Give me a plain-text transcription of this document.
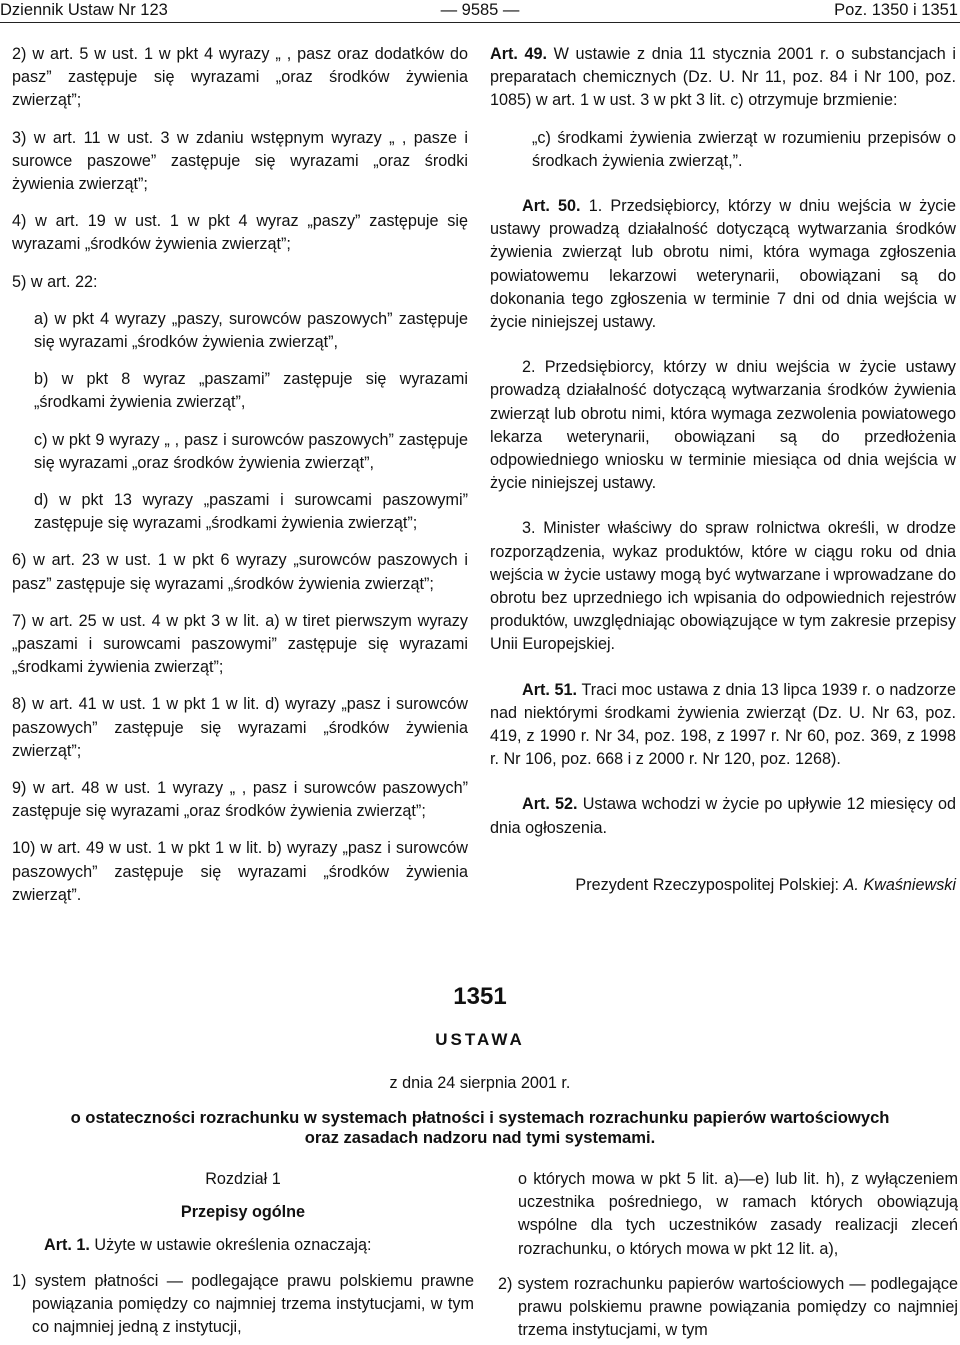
Dziennik Ustaw Nr 123	— 9585 —	Poz. 1350 i 1351

2) w art. 5 w ust. 1 w pkt 4 wyrazy „ , pasz oraz dodatków do pasz” zastępuje się wyrazami „oraz środków żywienia zwierząt”;

3) w art. 11 w ust. 3 w zdaniu wstępnym wyrazy „ , pasze i surowce paszowe” zastępuje się wyrazami „oraz środki żywienia zwierząt”;

4) w art. 19 w ust. 1 w pkt 4 wyraz „paszy” zastępuje się wyrazami „środków żywienia zwierząt”;

5) w art. 22:

a) w pkt 4 wyrazy „paszy, surowców paszowych” zastępuje się wyrazami „środków żywienia zwierząt”,

b) w pkt 8 wyraz „paszami” zastępuje się wyrazami „środkami żywienia zwierząt”,

c) w pkt 9 wyrazy „ , pasz i surowców paszowych” zastępuje się wyrazami „oraz środków żywienia zwierząt”,

d) w pkt 13 wyrazy „paszami i surowcami paszowymi” zastępuje się wyrazami „środkami żywienia zwierząt”;

6) w art. 23 w ust. 1 w pkt 6 wyrazy „surowców paszowych i pasz” zastępuje się wyrazami „środków żywienia zwierząt”;

7) w art. 25 w ust. 4 w pkt 3 w lit. a) w tiret pierwszym wyrazy „paszami i surowcami paszowymi” zastępuje się wyrazami „środkami żywienia zwierząt”;

8) w art. 41 w ust. 1 w pkt 1 w lit. d) wyrazy „pasz i surowców paszowych” zastępuje się wyrazami „środków żywienia zwierząt”;

9) w art. 48 w ust. 1 wyrazy „ , pasz i surowców paszowych” zastępuje się wyrazami „oraz środków żywienia zwierząt”;

10) w art. 49 w ust. 1 w pkt 1 w lit. b) wyrazy „pasz i surowców paszowych” zastępuje się wyrazami „środków żywienia zwierząt”.

Art. 49. W ustawie z dnia 11 stycznia 2001 r. o substancjach i preparatach chemicznych (Dz. U. Nr 11, poz. 84 i Nr 100, poz. 1085) w art. 1 w ust. 3 w pkt 3 lit. c) otrzymuje brzmienie:

„c) środkami żywienia zwierząt w rozumieniu przepisów o środkach żywienia zwierząt,”.

Art. 50. 1. Przedsiębiorcy, którzy w dniu wejścia w życie ustawy prowadzą działalność dotyczącą wytwarzania środków żywienia zwierząt lub obrotu nimi, która wymaga zgłoszenia powiatowemu lekarzowi weterynarii, obowiązani są do dokonania tego zgłoszenia w terminie 7 dni od dnia wejścia w życie niniejszej ustawy.

2. Przedsiębiorcy, którzy w dniu wejścia w życie ustawy prowadzą działalność dotyczącą wytwarzania środków żywienia zwierząt lub obrotu nimi, która wymaga zezwolenia powiatowego lekarza weterynarii, obowiązani są do przedłożenia odpowiedniego wniosku w terminie miesiąca od dnia wejścia w życie niniejszej ustawy.

3. Minister właściwy do spraw rolnictwa określi, w drodze rozporządzenia, wykaz produktów, które w ciągu roku od dnia wejścia w życie ustawy mogą być wytwarzane i wprowadzane do obrotu bez uprzedniego ich wpisania do odpowiednich rejestrów produktów, uwzględniając obowiązujące w tym zakresie przepisy Unii Europejskiej.

Art. 51. Traci moc ustawa z dnia 13 lipca 1939 r. o nadzorze nad niektórymi środkami żywienia zwierząt (Dz. U. Nr 63, poz. 419, z 1990 r. Nr 34, poz. 198, z 1997 r. Nr 60, poz. 369, z 1998 r. Nr 106, poz. 668 i z 2000 r. Nr 120, poz. 1268).

Art. 52. Ustawa wchodzi w życie po upływie 12 miesięcy od dnia ogłoszenia.

Prezydent Rzeczypospolitej Polskiej: A. Kwaśniewski

1351
USTAWA
z dnia 24 sierpnia 2001 r.
o ostateczności rozrachunku w systemach płatności i systemach rozrachunku papierów wartościowych
oraz zasadach nadzoru nad tymi systemami.

Rozdział 1

Przepisy ogólne

Art. 1. Użyte w ustawie określenia oznaczają:

1) system płatności — podlegające prawu polskiemu prawne powiązania pomiędzy co najmniej trzema instytucjami, w tym co najmniej jedną z instytucji,

o których mowa w pkt 5 lit. a)—e) lub lit. h), z wyłączeniem uczestnika pośredniego, w ramach których obowiązują wspólne dla tych uczestników zasady realizacji zleceń rozrachunku, o których mowa w pkt 12 lit. a),

2) system rozrachunku papierów wartościowych — podlegające prawu polskiemu prawne powiązania pomiędzy co najmniej trzema instytucjami, w tym
